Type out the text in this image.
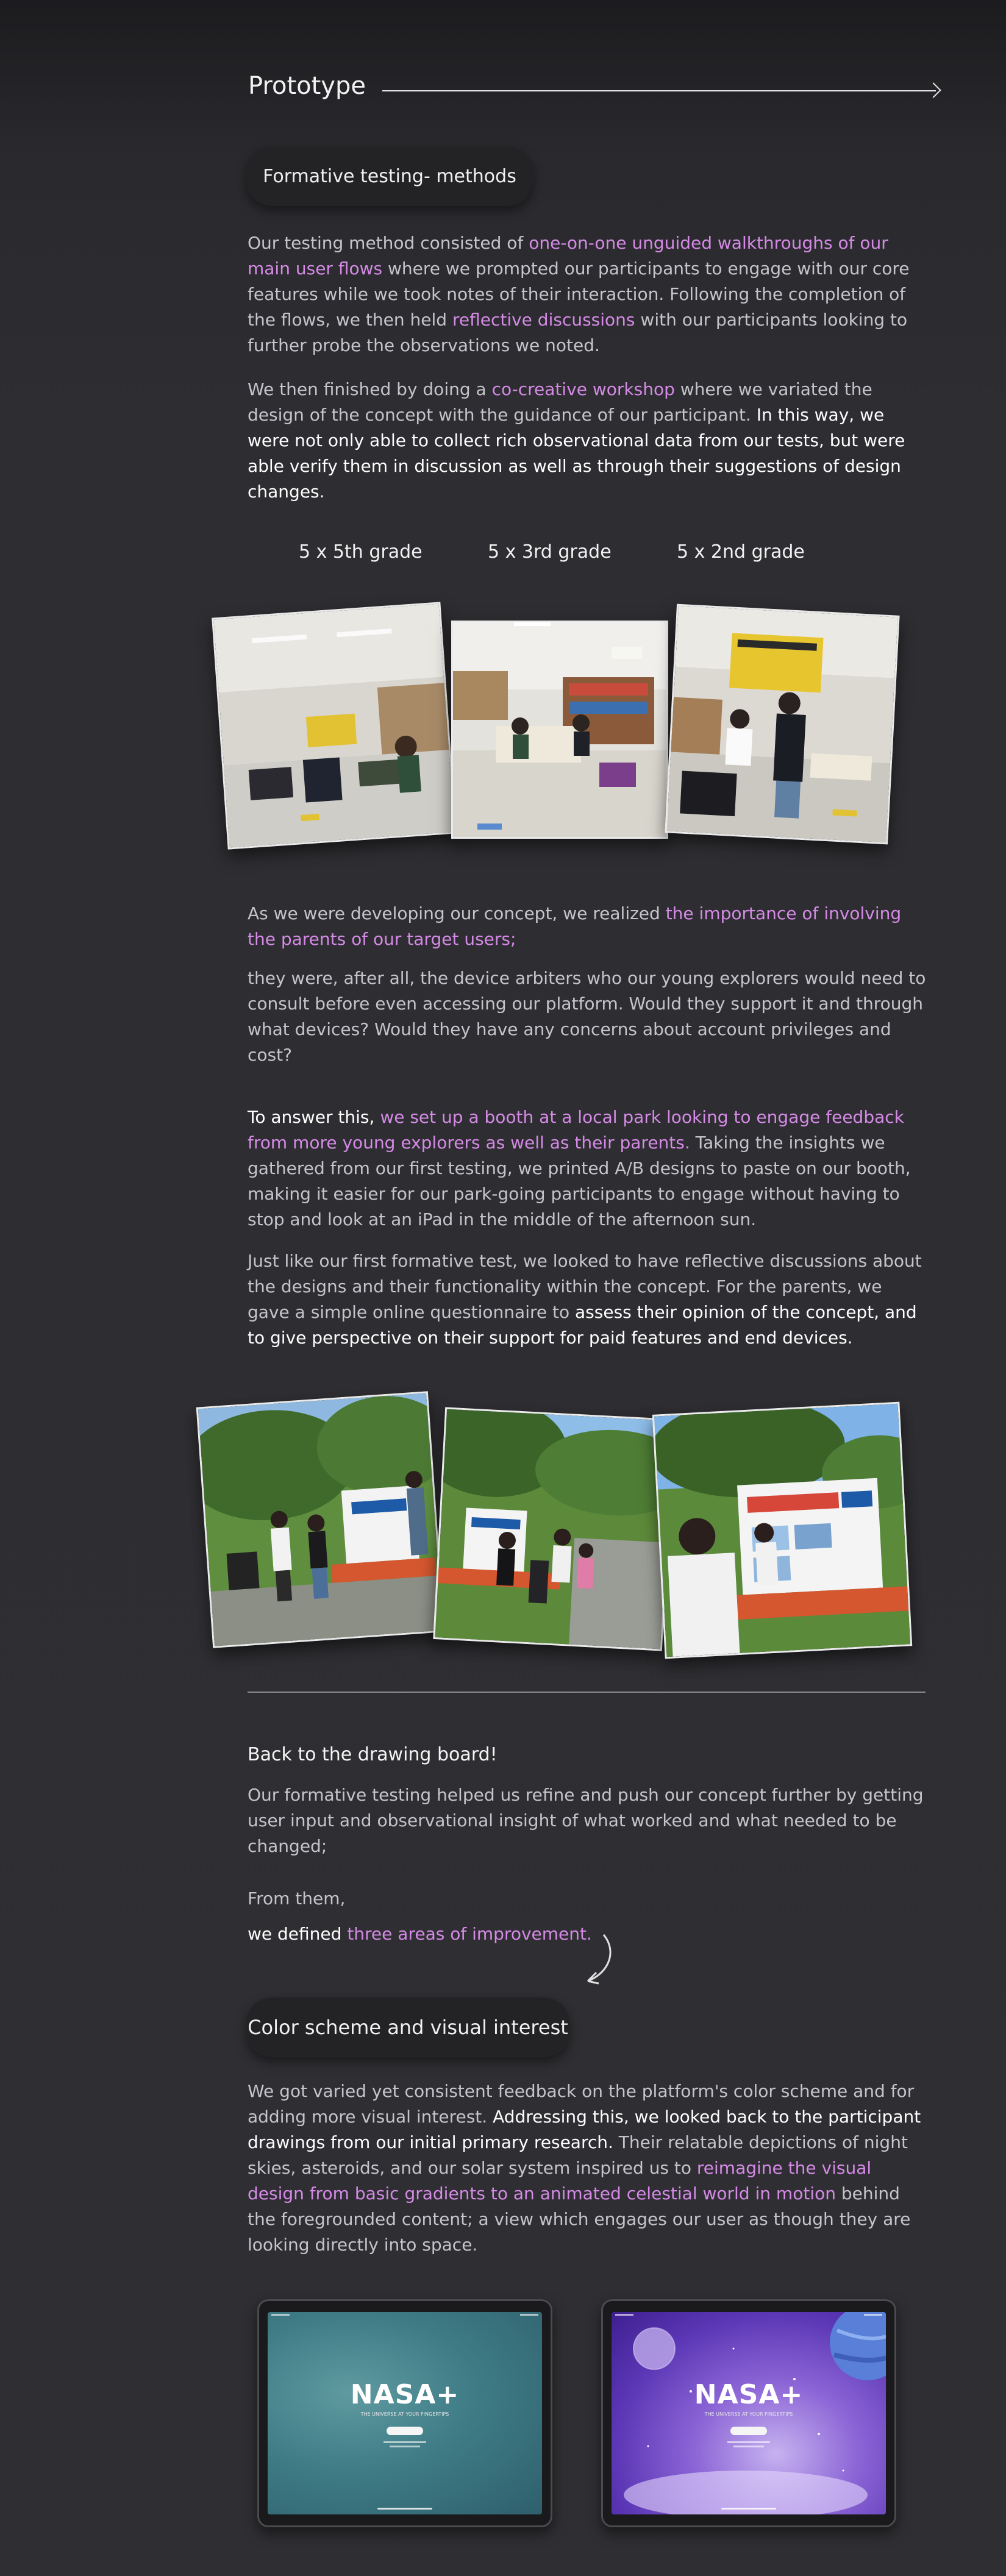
Prototype
Formative testing- methods
Our testing method consisted of one-on-one unguided walkthroughs of our main user flows where we prompted our participants to engage with our core features while we took notes of their interaction. Following the completion of the flows, we then held reflective discussions with our participants looking to further probe the observations we noted.
We then finished by doing a co-creative workshop where we variated the design of the concept with the guidance of our participant. In this way, we were not only able to collect rich observational data from our tests, but were able verify them in discussion as well as through their suggestions of design changes.
5 x 5th grade	5 x 3rd grade	5 x 2nd grade
As we were developing our concept, we realized the importance of involving the parents of our target users;
they were, after all, the device arbiters who our young explorers would need to consult before even accessing our platform. Would they support it and through what devices? Would they have any concerns about account privileges and cost?
To answer this, we set up a booth at a local park looking to engage feedback from more young explorers as well as their parents. Taking the insights we gathered from our first testing, we printed A/B designs to paste on our booth, making it easier for our park-going participants to engage without having to stop and look at an iPad in the middle of the afternoon sun.
Just like our first formative test, we looked to have reflective discussions about the designs and their functionality within the concept. For the parents, we gave a simple online questionnaire to assess their opinion of the concept, and to give perspective on their support for paid features and end devices.
Back to the drawing board!
Our formative testing helped us refine and push our concept further by getting user input and observational insight of what worked and what needed to be changed;
From them,
we defined three areas of improvement.
Color scheme and visual interest
We got varied yet consistent feedback on the platform's color scheme and for adding more visual interest. Addressing this, we looked back to the participant drawings from our initial primary research. Their relatable depictions of night skies, asteroids, and our solar system inspired us to reimagine the visual design from basic gradients to an animated celestial world in motion behind the foregrounded content; a view which engages our user as though they are looking directly into space.
NASA+
THE UNIVERSE AT YOUR FINGERTIPS
NASA+
THE UNIVERSE AT YOUR FINGERTIPS
